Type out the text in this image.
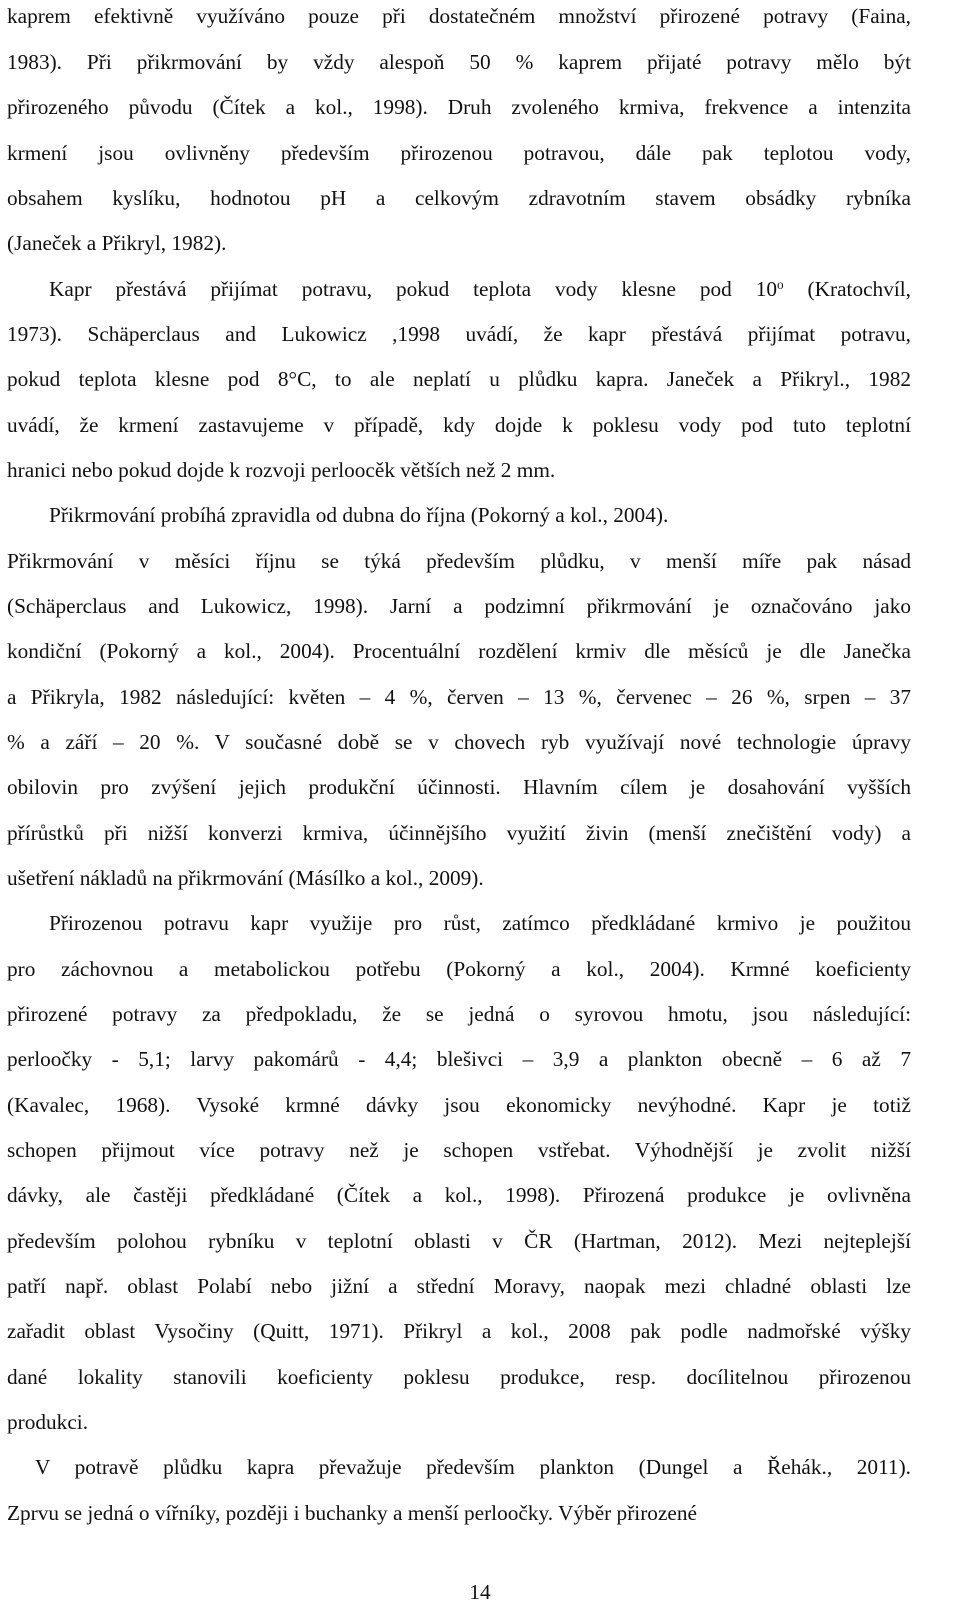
kaprem efektivně využíváno pouze při dostatečném množství přirozené potravy (Faina,
1983). Při přikrmování by vždy alespoň 50 % kaprem přijaté potravy mělo být
přirozeného původu (Čítek a kol., 1998). Druh zvoleného krmiva, frekvence a intenzita
krmení jsou ovlivněny především přirozenou potravou, dále pak teplotou vody,
obsahem kyslíku, hodnotou pH a celkovým zdravotním stavem obsádky rybníka
(Janeček a Přikryl, 1982).
Kapr přestává přijímat potravu, pokud teplota vody klesne pod 10$^o$ (Kratochvíl,
1973). Schäperclaus and Lukowicz ,1998 uvádí, že kapr přestává přijímat potravu,
pokud teplota klesne pod 8°C, to ale neplatí u plůdku kapra. Janeček a Přikryl., 1982
uvádí, že krmení zastavujeme v případě, kdy dojde k poklesu vody pod tuto teplotní
hranici nebo pokud dojde k rozvoji perloocěk větších než 2 mm.
Přikrmování probíhá zpravidla od dubna do října (Pokorný a kol., 2004).
Přikrmování v měsíci říjnu se týká především plůdku, v menší míře pak násad
(Schäperclaus and Lukowicz, 1998). Jarní a podzimní přikrmování je označováno jako
kondiční (Pokorný a kol., 2004). Procentuální rozdělení krmiv dle měsíců je dle Janečka
a Přikryla, 1982 následující: květen – 4 %, červen – 13 %, červenec – 26 %, srpen – 37
% a září – 20 %. V současné době se v chovech ryb využívají nové technologie úpravy
obilovin pro zvýšení jejich produkční účinnosti. Hlavním cílem je dosahování vyšších
přírůstků při nižší konverzi krmiva, účinnějšího využití živin (menší znečištění vody) a
ušetření nákladů na přikrmování (Másílko a kol., 2009).
Přirozenou potravu kapr využije pro růst, zatímco předkládané krmivo je použitou
pro záchovnou a metabolickou potřebu (Pokorný a kol., 2004). Krmné koeficienty
přirozené potravy za předpokladu, že se jedná o syrovou hmotu, jsou následující:
perloočky - 5,1; larvy pakomárů - 4,4; blešivci – 3,9 a plankton obecně – 6 až 7
(Kavalec, 1968). Vysoké krmné dávky jsou ekonomicky nevýhodné. Kapr je totiž
schopen přijmout více potravy než je schopen vstřebat. Výhodnější je zvolit nižší
dávky, ale častěji předkládané (Čítek a kol., 1998). Přirozená produkce je ovlivněna
především polohou rybníku v teplotní oblasti v ČR (Hartman, 2012). Mezi nejteplejší
patří např. oblast Polabí nebo jižní a střední Moravy, naopak mezi chladné oblasti lze
zařadit oblast Vysočiny (Quitt, 1971). Přikryl a kol., 2008 pak podle nadmořské výšky
dané lokality stanovili koeficienty poklesu produkce, resp. docílitelnou přirozenou
produkci.
V potravě plůdku kapra převažuje především plankton (Dungel a Řehák., 2011).
Zprvu se jedná o vířníky, později i buchanky a menší perloočky. Výběr přirozené
14
